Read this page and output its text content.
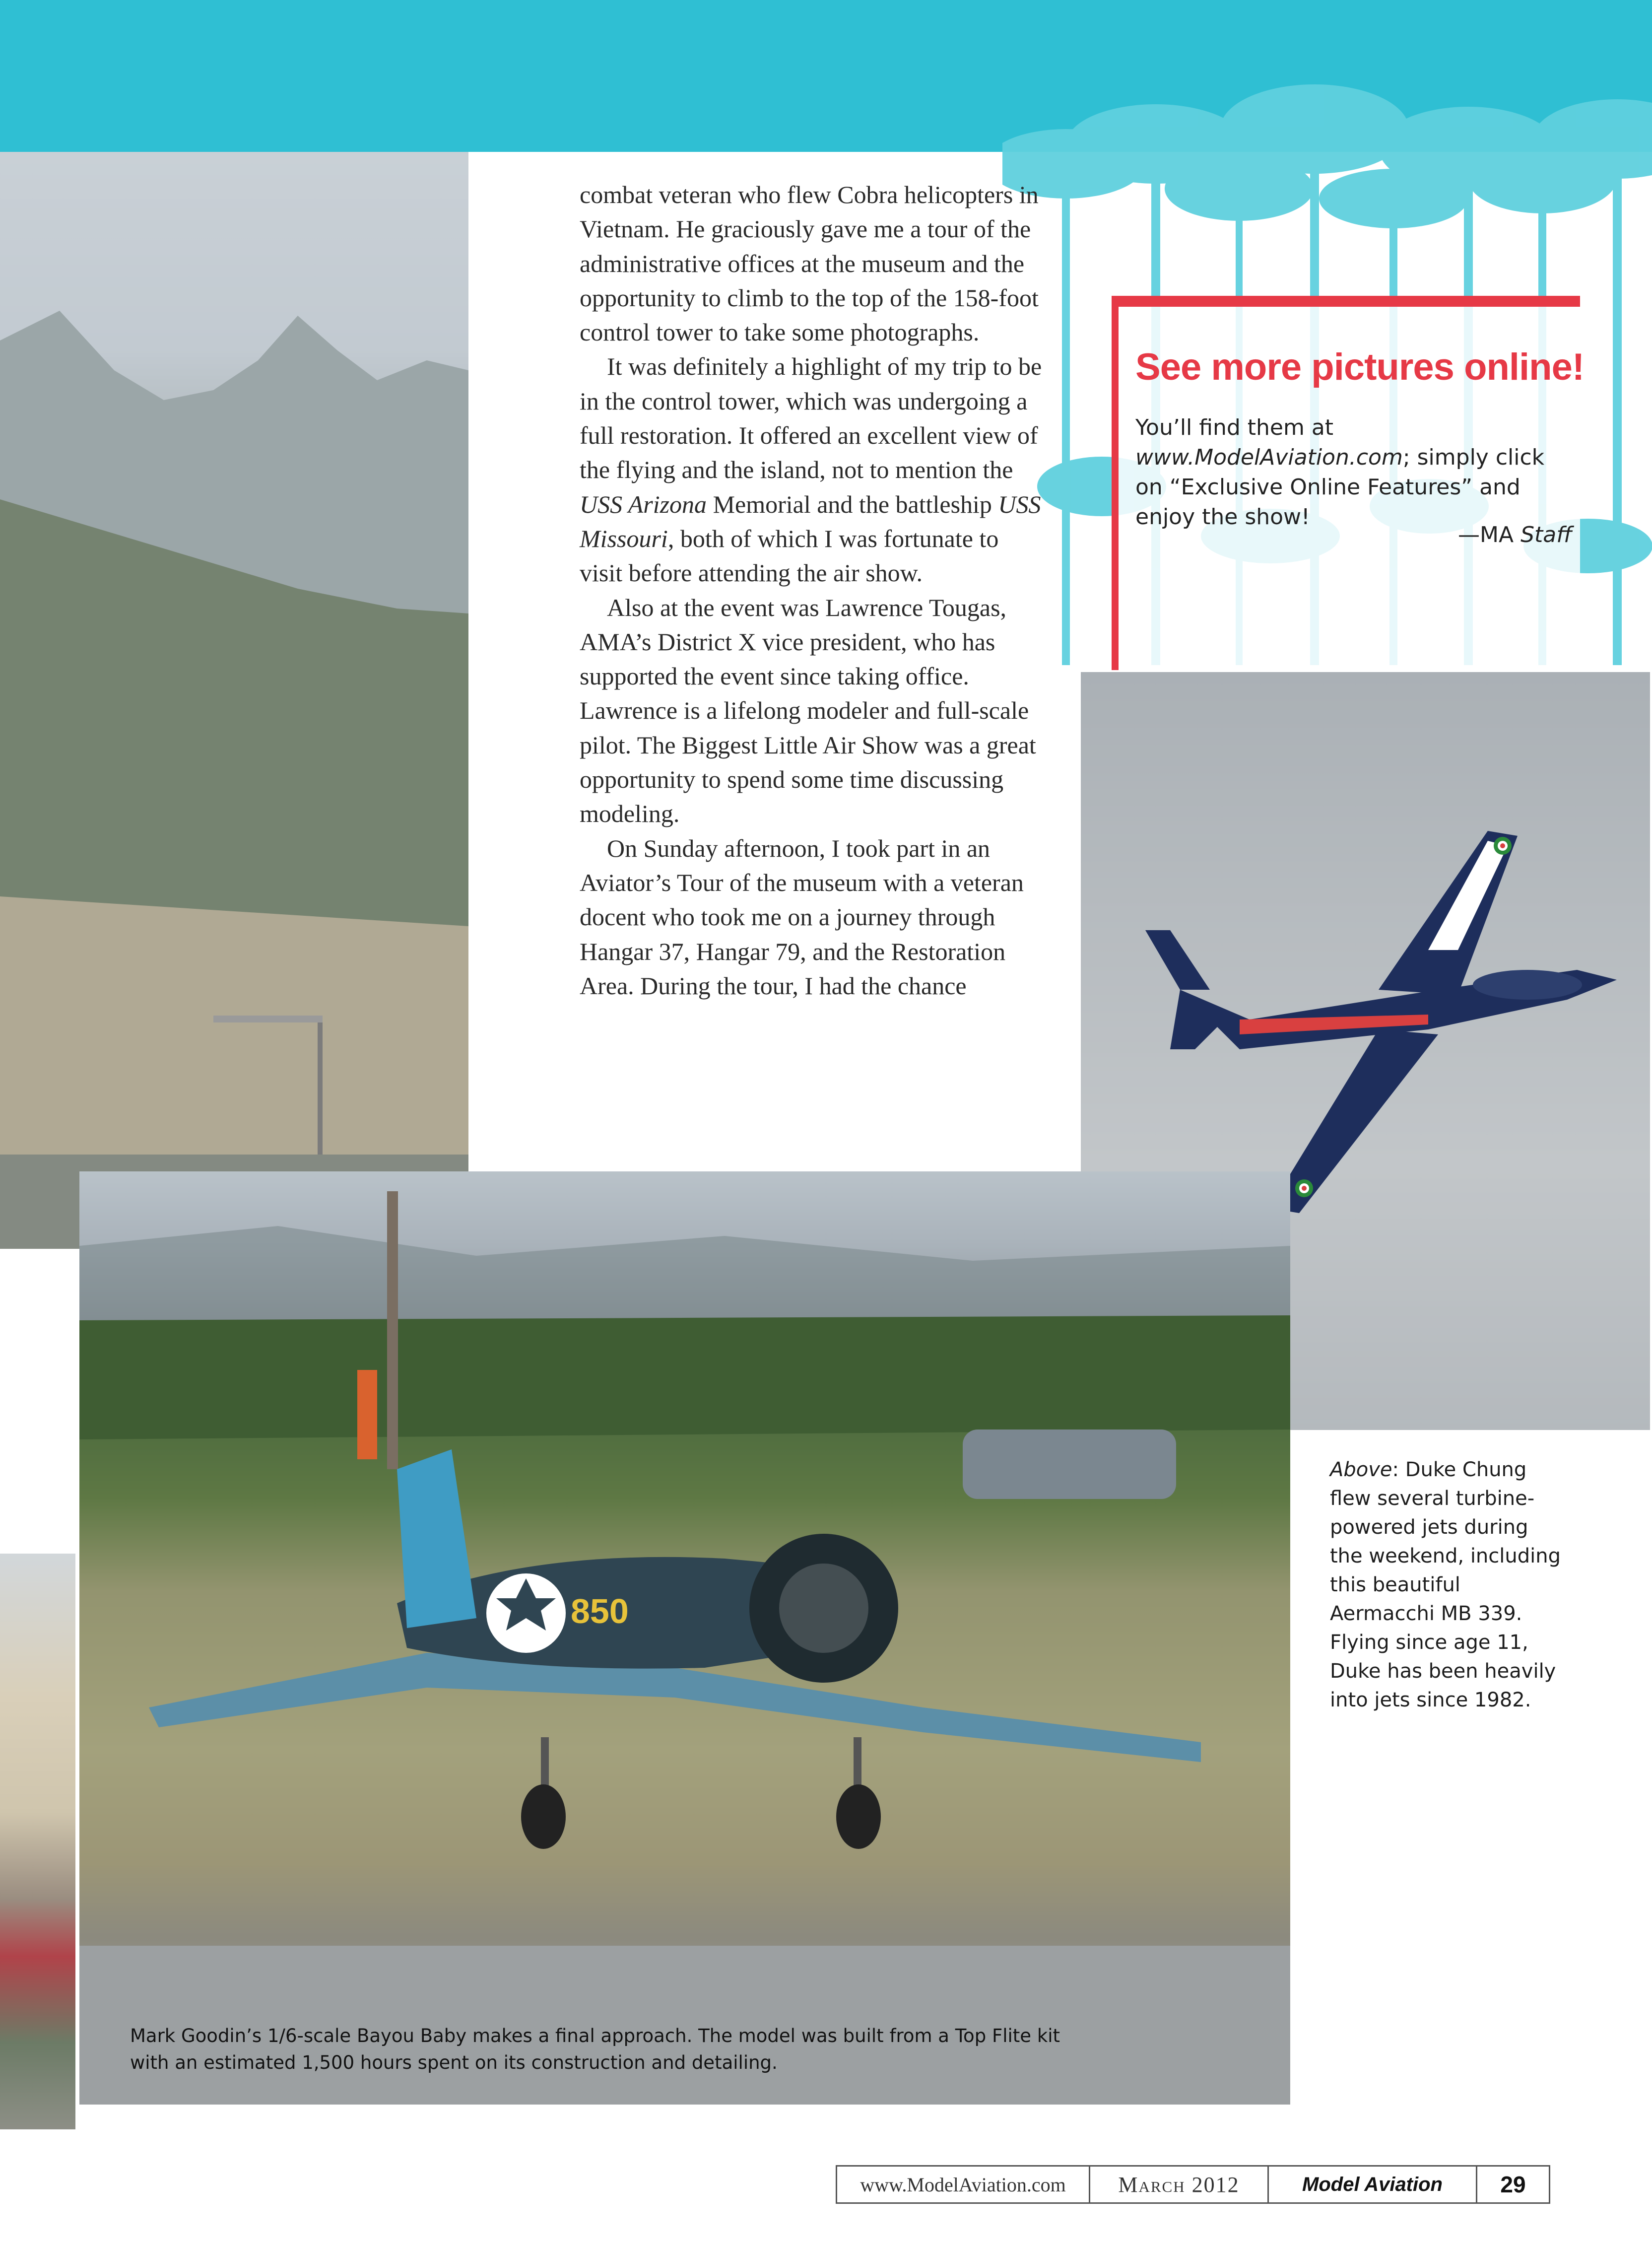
combat veteran who flew Cobra helicopters in Vietnam. He graciously gave me a tour of the administrative offices at the museum and the opportunity to climb to the top of the 158-foot control tower to take some photographs.

It was definitely a highlight of my trip to be in the control tower, which was undergoing a full restoration. It offered an excellent view of the flying and the island, not to mention the USS Arizona Memorial and the battleship USS Missouri, both of which I was fortunate to visit before attending the air show.

Also at the event was Lawrence Tougas, AMA’s District X vice president, who has supported the event since taking office. Lawrence is a lifelong modeler and full-scale pilot. The Biggest Little Air Show was a great opportunity to spend some time discussing modeling.

On Sunday afternoon, I took part in an Aviator’s Tour of the museum with a veteran docent who took me on a journey through Hangar 37, Hangar 79, and the Restoration Area. During the tour, I had the chance

See more pictures online!
You’ll find them at www.ModelAviation.com; simply click on “Exclusive Online Features” and enjoy the show!
—MA Staff
Above: Duke Chung flew several turbine-powered jets during the weekend, including this beautiful Aermacchi MB 339. Flying since age 11, Duke has been heavily into jets since 1982.
850
Mark Goodin’s 1/6-scale Bayou Baby makes a final approach. The model was built from a Top Flite kit with an estimated 1,500 hours spent on its construction and detailing.
www.ModelAviation.com	March 2012	Model Aviation	29
